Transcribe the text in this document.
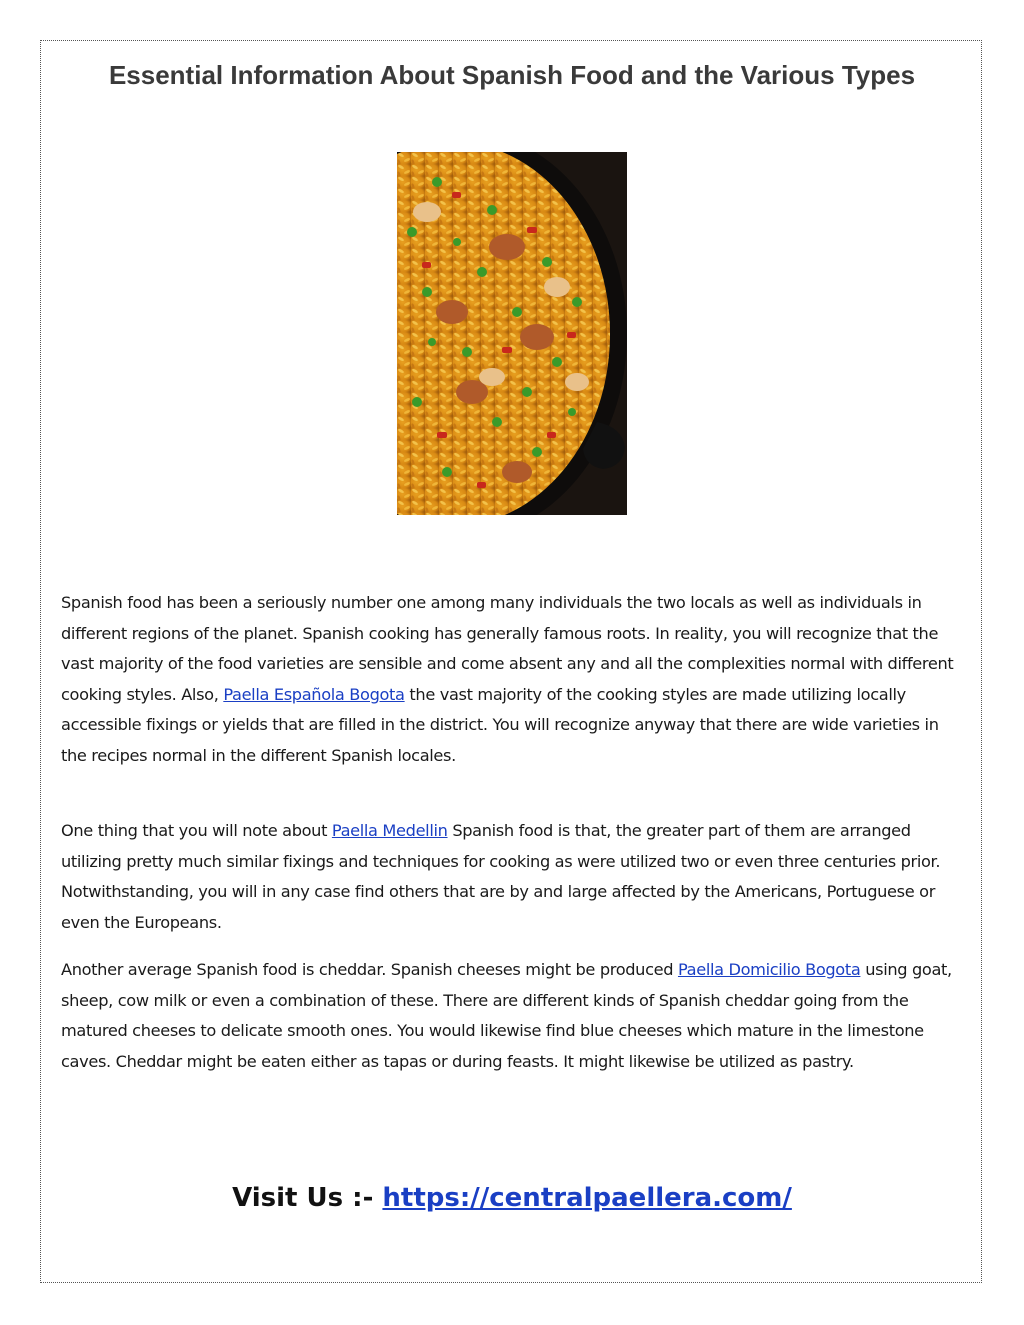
Essential Information About Spanish Food and the Various Types
Spanish food has been a seriously number one among many individuals the two locals as well as individuals in different regions of the planet. Spanish cooking has generally famous roots. In reality, you will recognize that the vast majority of the food varieties are sensible and come absent any and all the complexities normal with different cooking styles. Also, Paella Española Bogota the vast majority of the cooking styles are made utilizing locally accessible fixings or yields that are filled in the district. You will recognize anyway that there are wide varieties in the recipes normal in the different Spanish locales.
One thing that you will note about Paella Medellin Spanish food is that, the greater part of them are arranged utilizing pretty much similar fixings and techniques for cooking as were utilized two or even three centuries prior. Notwithstanding, you will in any case find others that are by and large affected by the Americans, Portuguese or even the Europeans.
Another average Spanish food is cheddar. Spanish cheeses might be produced Paella Domicilio Bogota using goat, sheep, cow milk or even a combination of these. There are different kinds of Spanish cheddar going from the matured cheeses to delicate smooth ones. You would likewise find blue cheeses which mature in the limestone caves. Cheddar might be eaten either as tapas or during feasts. It might likewise be utilized as pastry.
Visit Us :- https://centralpaellera.com/
